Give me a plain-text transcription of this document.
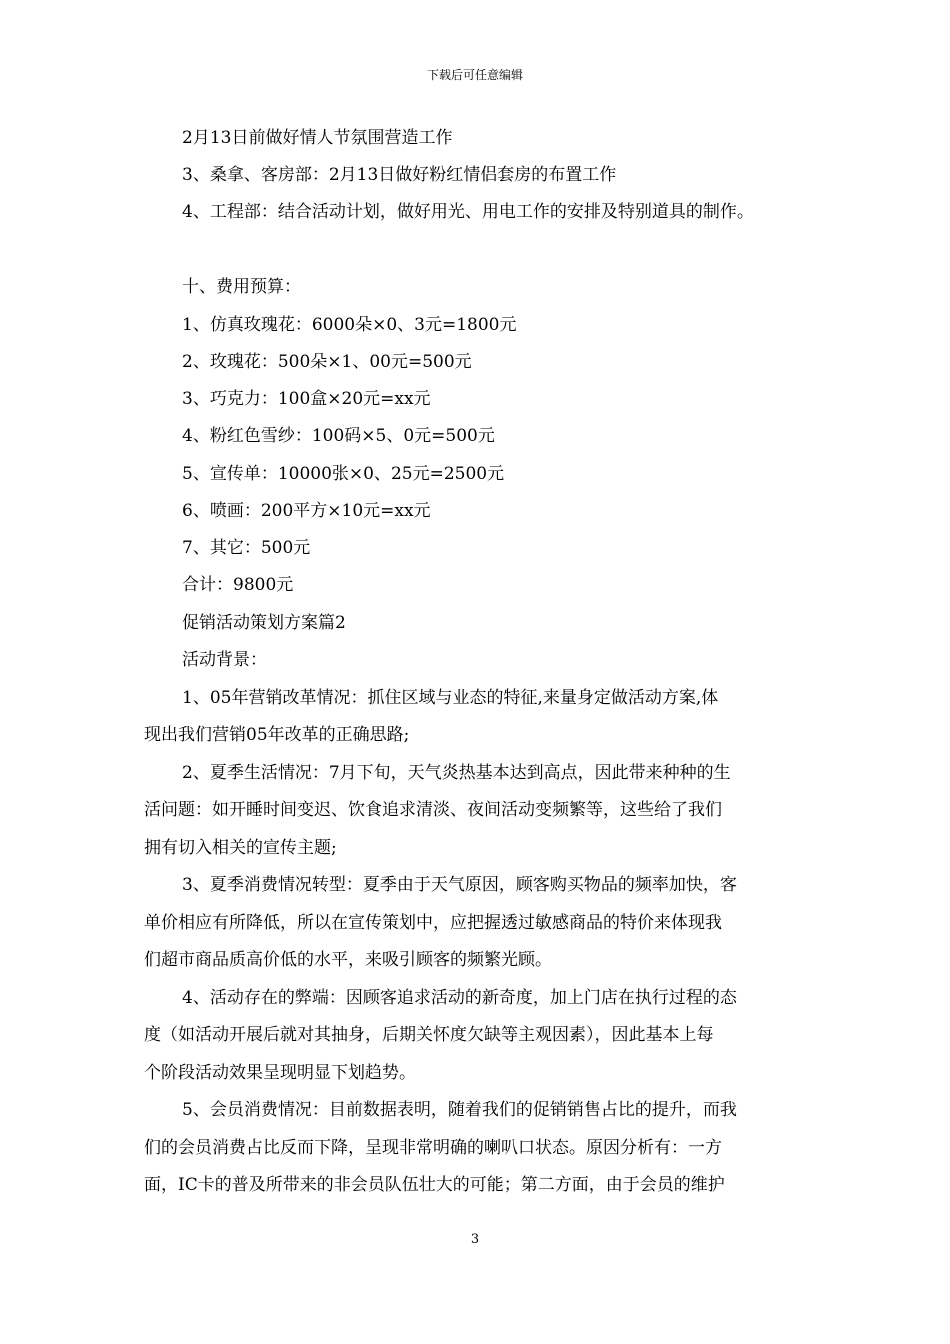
下载后可任意编辑
2月13日前做好情人节氛围营造工作
3、桑拿、客房部：2月13日做好粉红情侣套房的布置工作
4、工程部：结合活动计划，做好用光、用电工作的安排及特别道具的制作。
十、费用预算：
1、仿真玫瑰花：6000朵×0、3元=1800元
2、玫瑰花：500朵×1、00元=500元
3、巧克力：100盒×20元=xx元
4、粉红色雪纱：100码×5、0元=500元
5、宣传单：10000张×0、25元=2500元
6、喷画：200平方×10元=xx元
7、其它：500元
合计：9800元
促销活动策划方案篇2
活动背景：
1、05年营销改革情况：抓住区域与业态的特征,来量身定做活动方案,体
现出我们营销05年改革的正确思路;
2、夏季生活情况：7月下旬，天气炎热基本达到高点，因此带来种种的生
活问题：如开睡时间变迟、饮食追求清淡、夜间活动变频繁等，这些给了我们
拥有切入相关的宣传主题;
3、夏季消费情况转型：夏季由于天气原因，顾客购买物品的频率加快，客
单价相应有所降低，所以在宣传策划中，应把握透过敏感商品的特价来体现我
们超市商品质高价低的水平，来吸引顾客的频繁光顾。
4、活动存在的弊端：因顾客追求活动的新奇度，加上门店在执行过程的态
度（如活动开展后就对其抽身，后期关怀度欠缺等主观因素），因此基本上每
个阶段活动效果呈现明显下划趋势。
5、会员消费情况：目前数据表明，随着我们的促销销售占比的提升，而我
们的会员消费占比反而下降，呈现非常明确的喇叭口状态。原因分析有：一方
面，IC卡的普及所带来的非会员队伍壮大的可能；第二方面，由于会员的维护
3
